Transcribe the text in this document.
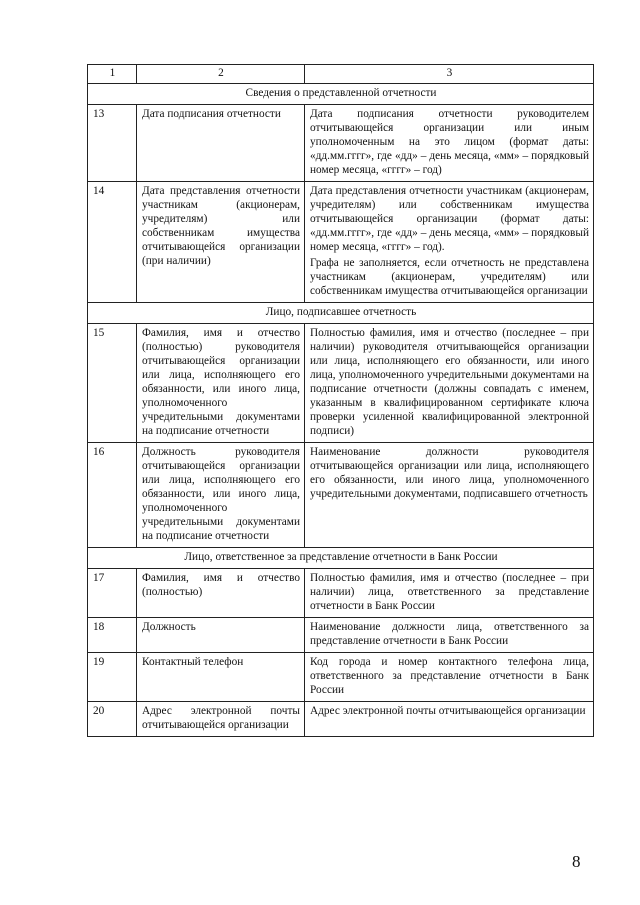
1	2	3
Сведения о представленной отчетности		
13	Дата подписания отчетности	Дата подписания отчетности руководителем отчитывающейся организации или иным уполномоченным на это лицом (формат даты: «дд.мм.гггг», где «дд» – день месяца, «мм» – порядковый номер месяца, «гггг» – год)

14	Дата представления отчетности участникам (акционерам, учредителям) или собственникам имущества отчитывающейся организации (при наличии)	Дата представления отчетности участникам (акционерам, учредителям) или собственникам имущества отчитывающейся организации (формат даты: «дд.мм.гггг», где «дд» – день месяца, «мм» – порядковый номер месяца, «гггг» – год).

Графа не заполняется, если отчетность не представлена участникам (акционерам, учредителям) или собственникам имущества отчитывающейся организации

Лицо, подписавшее отчетность		
15	Фамилия, имя и отчество (полностью) руководителя отчитывающейся организации или лица, исполняющего его обязанности, или иного лица, уполномоченного учредительными документами на подписание отчетности	Полностью фамилия, имя и отчество (последнее – при наличии) руководителя отчитывающейся организации или лица, исполняющего его обязанности, или иного лица, уполномоченного учредительными документами на подписание отчетности (должны совпадать с именем, указанным в квалифицированном сертификате ключа проверки усиленной квалифицированной электронной подписи)

16	Должность руководителя отчитывающейся организации или лица, исполняющего его обязанности, или иного лица, уполномоченного учредительными документами на подписание отчетности	Наименование должности руководителя отчитывающейся организации или лица, исполняющего его обязанности, или иного лица, уполномоченного учредительными документами, подписавшего отчетность

Лицо, ответственное за представление отчетности в Банк России		
17	Фамилия, имя и отчество (полностью)	Полностью фамилия, имя и отчество (последнее – при наличии) лица, ответственного за представление отчетности в Банк России

18	Должность	Наименование должности лица, ответственного за представление отчетности в Банк России

19	Контактный телефон	Код города и номер контактного телефона лица, ответственного за представление отчетности в Банк России

20	Адрес электронной почты отчитывающейся организации	Адрес электронной почты отчитывающейся организации

8
